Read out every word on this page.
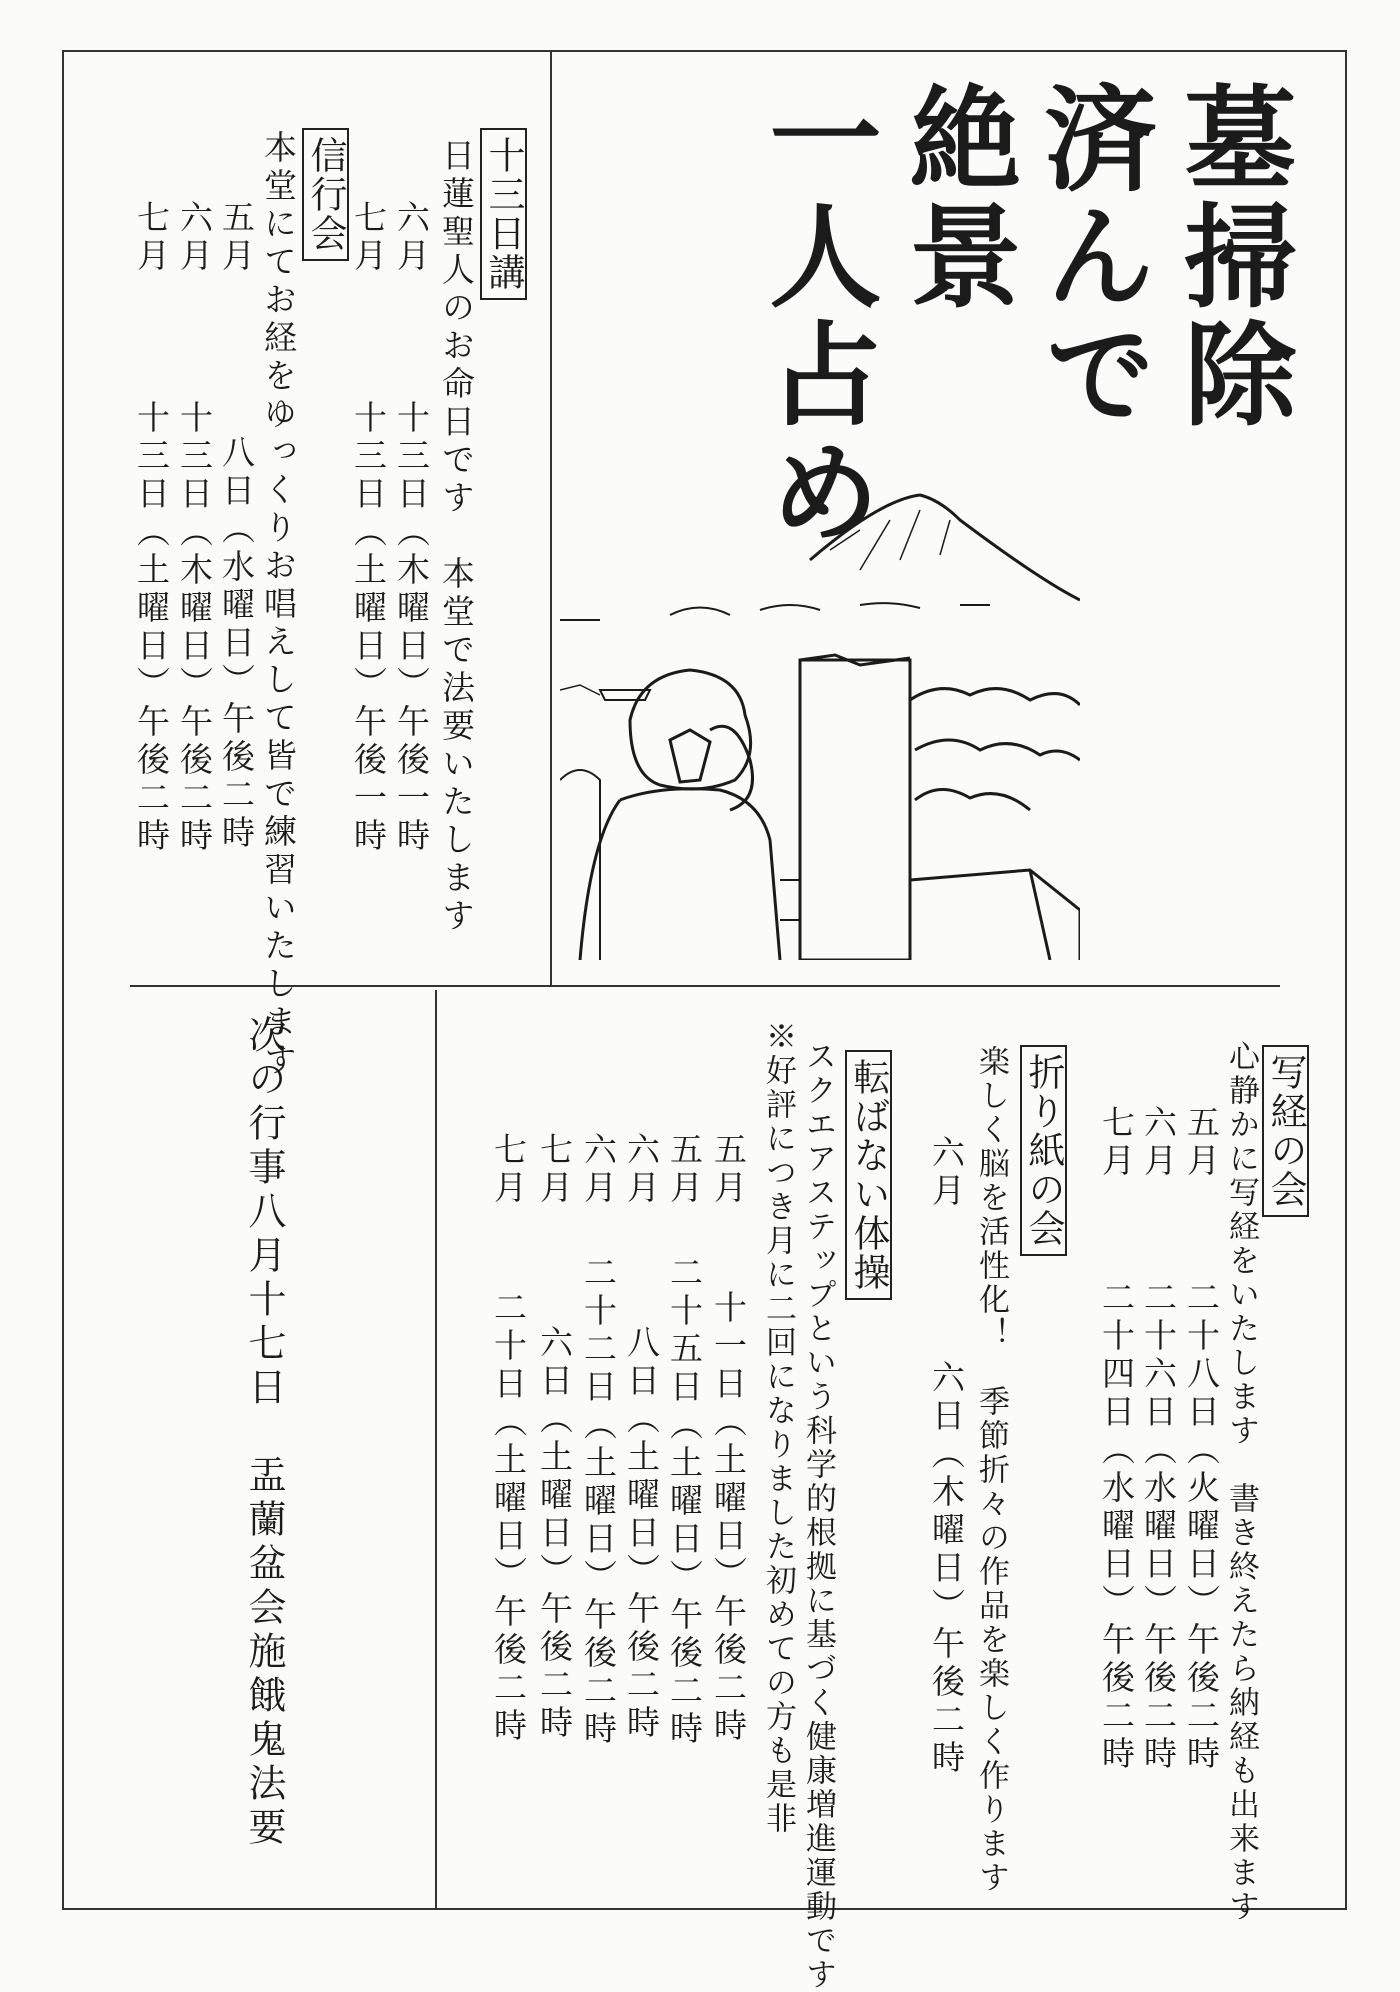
墓掃除
済んで
絶景
一人占め
十三日講
日蓮聖人のお命日です　本堂で法要いたします
六月
十三日（木曜日）午後一時
七月
十三日（土曜日）午後一時
信行会
本堂にてお経をゆっくりお唱えして皆で練習いたします
五月
八日（水曜日）午後二時
六月
十三日（木曜日）午後二時
七月
十三日（土曜日）午後二時
写経の会
心静かに写経をいたします　書き終えたら納経も出来ます
五月
二十八日（火曜日）午後二時
六月
二十六日（水曜日）午後二時
七月
二十四日（水曜日）午後二時
折り紙の会
楽しく脳を活性化！　季節折々の作品を楽しく作ります
六月
六日（木曜日）午後二時
転ばない体操
スクエアステップという科学的根拠に基づく健康増進運動です
※好評につき月に二回になりました初めての方も是非
五月
十一日（土曜日）午後二時
五月
二十五日（土曜日）午後二時
六月
八日（土曜日）午後二時
六月
二十二日（土曜日）午後二時
七月
六日（土曜日）午後二時
七月
二十日（土曜日）午後二時
次の行事八月十七日　盂蘭盆会施餓鬼法要
